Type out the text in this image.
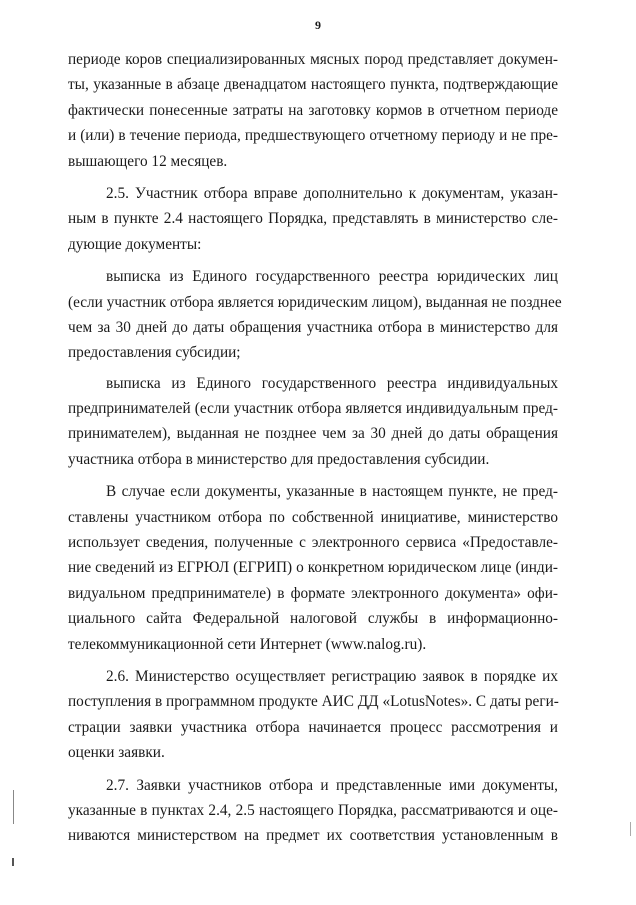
9
периоде коров специализированных мясных пород представляет докумен-
ты, указанные в абзаце двенадцатом настоящего пункта, подтверждающие
фактически понесенные затраты на заготовку кормов в отчетном периоде
и (или) в течение периода, предшествующего отчетному периоду и не пре-
вышающего 12 месяцев.
2.5. Участник отбора вправе дополнительно к документам, указан-
ным в пункте 2.4 настоящего Порядка, представлять в министерство сле-
дующие документы:
выписка из Единого государственного реестра юридических лиц
(если участник отбора является юридическим лицом), выданная не позднее
чем за 30 дней до даты обращения участника отбора в министерство для
предоставления субсидии;
выписка из Единого государственного реестра индивидуальных
предпринимателей (если участник отбора является индивидуальным пред-
принимателем), выданная не позднее чем за 30 дней до даты обращения
участника отбора в министерство для предоставления субсидии.
В случае если документы, указанные в настоящем пункте, не пред-
ставлены участником отбора по собственной инициативе, министерство
использует сведения, полученные с электронного сервиса «Предоставле-
ние сведений из ЕГРЮЛ (ЕГРИП) о конкретном юридическом лице (инди-
видуальном предпринимателе) в формате электронного документа» офи-
циального сайта Федеральной налоговой службы в информационно-
телекоммуникационной сети Интернет (www.nalog.ru).
2.6. Министерство осуществляет регистрацию заявок в порядке их
поступления в программном продукте АИС ДД «LotusNotes». С даты реги-
страции заявки участника отбора начинается процесс рассмотрения и
оценки заявки.
2.7. Заявки участников отбора и представленные ими документы,
указанные в пунктах 2.4, 2.5 настоящего Порядка, рассматриваются и оце-
ниваются министерством на предмет их соответствия установленным в
